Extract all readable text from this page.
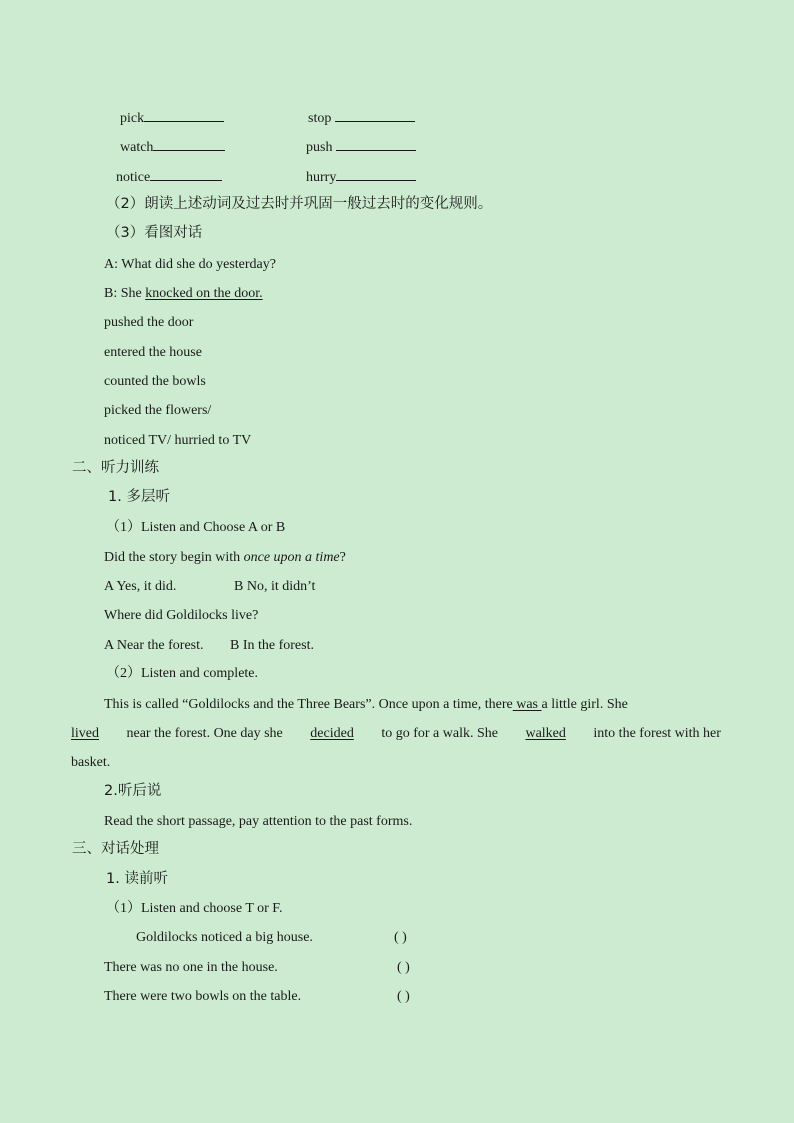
pick	stop
watch	push
notice	hurry
（2）朗读上述动词及过去时并巩固一般过去时的变化规则。
（3）看图对话
A: What did she do yesterday?
B: She knocked on the door.
pushed the door
entered the house
counted the bowls
picked the flowers/
noticed TV/ hurried to TV
二、听力训练
1. 多层听
（1）Listen and Choose A or B
Did the story begin with once upon a time?
A Yes, it did.	B No, it didn’t
Where did Goldilocks live?
A Near the forest. B In the forest.
（2）Listen and complete.
This is called “Goldilocks and the Three Bears”. Once upon a time, there was a little girl. She
lived near the forest. One day she decided to go for a walk. She walked into the forest with her
basket.
2.听后说
Read the short passage, pay attention to the past forms.
三、对话处理
1. 读前听
（1）Listen and choose T or F.
Goldilocks noticed a big house.	( )
There was no one in the house.	( )
There were two bowls on the table.	( )
